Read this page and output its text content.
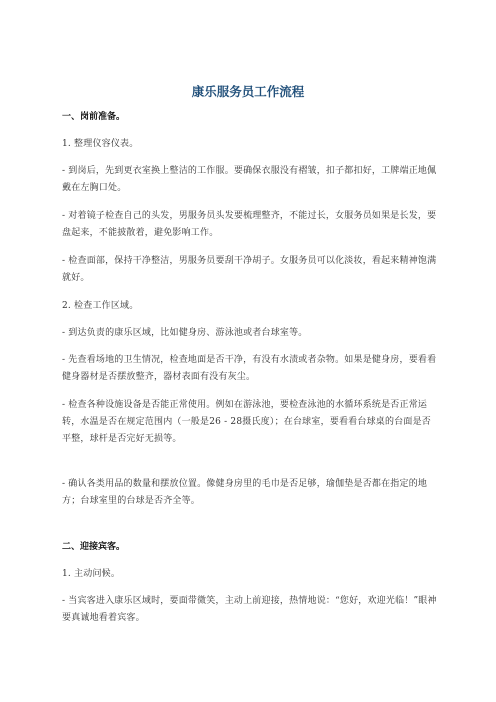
康乐服务员工作流程
一、岗前准备。

1. 整理仪容仪表。

- 到岗后，先到更衣室换上整洁的工作服。要确保衣服没有褶皱，扣子都扣好，工牌端正地佩戴在左胸口处。

- 对着镜子检查自己的头发，男服务员头发要梳理整齐，不能过长，女服务员如果是长发，要盘起来，不能披散着，避免影响工作。

- 检查面部，保持干净整洁，男服务员要刮干净胡子。女服务员可以化淡妆，看起来精神饱满就好。

2. 检查工作区域。

- 到达负责的康乐区域，比如健身房、游泳池或者台球室等。

- 先查看场地的卫生情况，检查地面是否干净，有没有水渍或者杂物。如果是健身房，要看看健身器材是否摆放整齐，器材表面有没有灰尘。

- 检查各种设施设备是否能正常使用。例如在游泳池，要检查泳池的水循环系统是否正常运转，水温是否在规定范围内（一般是26 - 28摄氏度）；在台球室，要看看台球桌的台面是否平整，球杆是否完好无损等。

- 确认各类用品的数量和摆放位置。像健身房里的毛巾是否足够，瑜伽垫是否都在指定的地方；台球室里的台球是否齐全等。

二、迎接宾客。

1. 主动问候。

- 当宾客进入康乐区域时，要面带微笑，主动上前迎接，热情地说：“您好，欢迎光临！”眼神要真诚地看着宾客。
